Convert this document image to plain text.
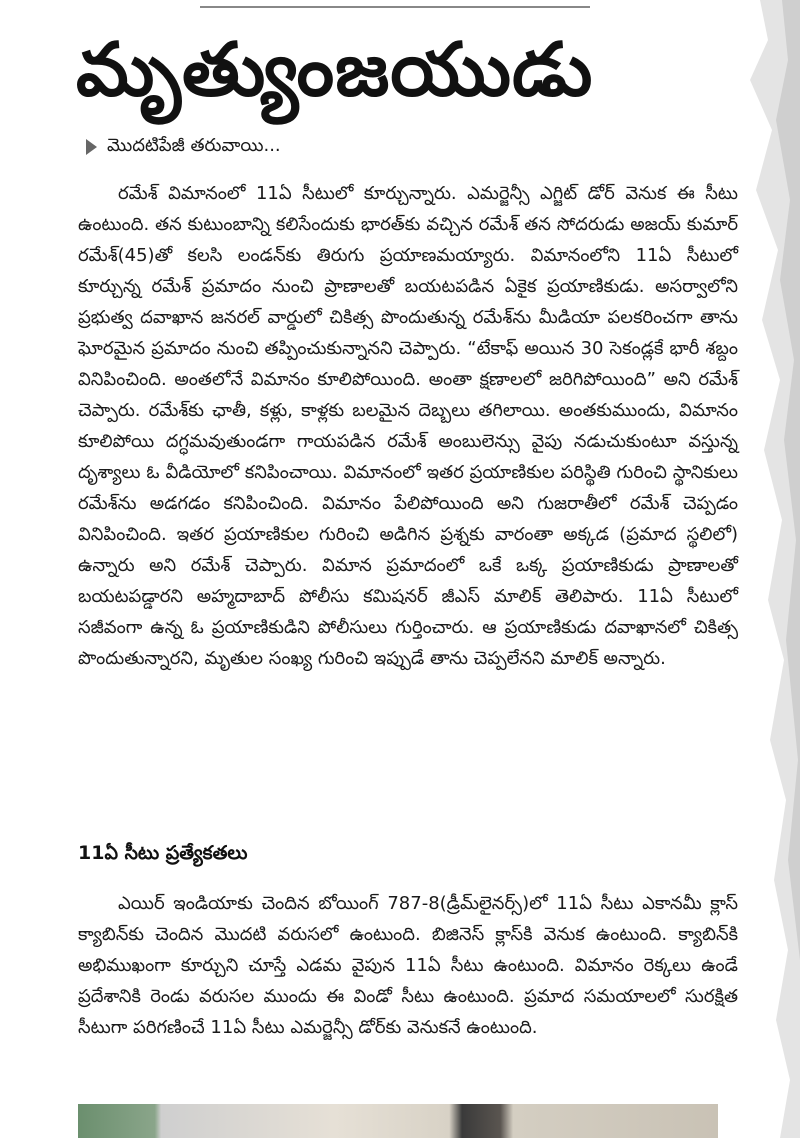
మృత్యుంజయుడు
మొదటిపేజీ తరువాయి...

రమేశ్ విమానంలో 11ఏ సీటులో కూర్చున్నారు. ఎమర్జెన్సీ ఎగ్జిట్ డోర్ వెనుక ఈ సీటు ఉంటుంది. తన కుటుంబాన్ని కలిసేందుకు భారత్‌కు వచ్చిన రమేశ్ తన సోదరుడు అజయ్ కుమార్ రమేశ్(45)తో కలసి లండన్‌కు తిరుగు ప్రయాణమయ్యారు. విమానంలోని 11ఏ సీటులో కూర్చున్న రమేశ్ ప్రమాదం నుంచి ప్రాణాలతో బయటపడిన ఏకైక ప్రయాణికుడు. అసర్వాలోని ప్రభుత్వ దవాఖాన జనరల్ వార్డులో చికిత్స పొందుతున్న రమేశ్‌ను మీడియా పలకరించగా తాను ఘోరమైన ప్రమాదం నుంచి తప్పించుకున్నానని చెప్పారు. “టేకాఫ్ అయిన 30 సెకండ్లకే భారీ శబ్దం వినిపించింది. అంతలోనే విమానం కూలిపోయింది. అంతా క్షణాలలో జరిగిపోయింది” అని రమేశ్ చెప్పారు. రమేశ్‌కు ఛాతీ, కళ్లు, కాళ్లకు బలమైన దెబ్బలు తగిలాయి. అంతకుముందు, విమానం కూలిపోయి దగ్ధమవుతుండగా గాయపడిన రమేశ్ అంబులెన్సు వైపు నడుచుకుంటూ వస్తున్న దృశ్యాలు ఓ వీడియోలో కనిపించాయి. విమానంలో ఇతర ప్రయాణికుల పరిస్థితి గురించి స్థానికులు రమేశ్‌ను అడగడం కనిపించింది. విమానం పేలిపోయింది అని గుజరాతీలో రమేశ్ చెప్పడం వినిపించింది. ఇతర ప్రయాణికుల గురించి అడిగిన ప్రశ్నకు వారంతా అక్కడ (ప్రమాద స్థలిలో) ఉన్నారు అని రమేశ్ చెప్పారు. విమాన ప్రమాదంలో ఒకే ఒక్క ప్రయాణికుడు ప్రాణాలతో బయటపడ్డారని అహ్మదాబాద్ పోలీసు కమిషనర్ జీఎస్ మాలిక్ తెలిపారు. 11ఏ సీటులో సజీవంగా ఉన్న ఓ ప్రయాణికుడిని పోలీసులు గుర్తించారు. ఆ ప్రయాణికుడు దవాఖానలో చికిత్స పొందుతున్నారని, మృతుల సంఖ్య గురించి ఇప్పుడే తాను చెప్పలేనని మాలిక్ అన్నారు.

11ఏ సీటు ప్రత్యేకతలు

ఎయిర్ ఇండియాకు చెందిన బోయింగ్ 787-8(డ్రీమ్‌లైనర్స్)లో 11ఏ సీటు ఎకానమీ క్లాస్ క్యాబిన్‌కు చెందిన మొదటి వరుసలో ఉంటుంది. బిజినెస్ క్లాస్‌కి వెనుక ఉంటుంది. క్యాబిన్‌కి అభిముఖంగా కూర్చుని చూస్తే ఎడమ వైపున 11ఏ సీటు ఉంటుంది. విమానం రెక్కలు ఉండే ప్రదేశానికి రెండు వరుసల ముందు ఈ విండో సీటు ఉంటుంది. ప్రమాద సమయాలలో సురక్షిత సీటుగా పరిగణించే 11ఏ సీటు ఎమర్జెన్సీ డోర్‌కు వెనుకనే ఉంటుంది.
